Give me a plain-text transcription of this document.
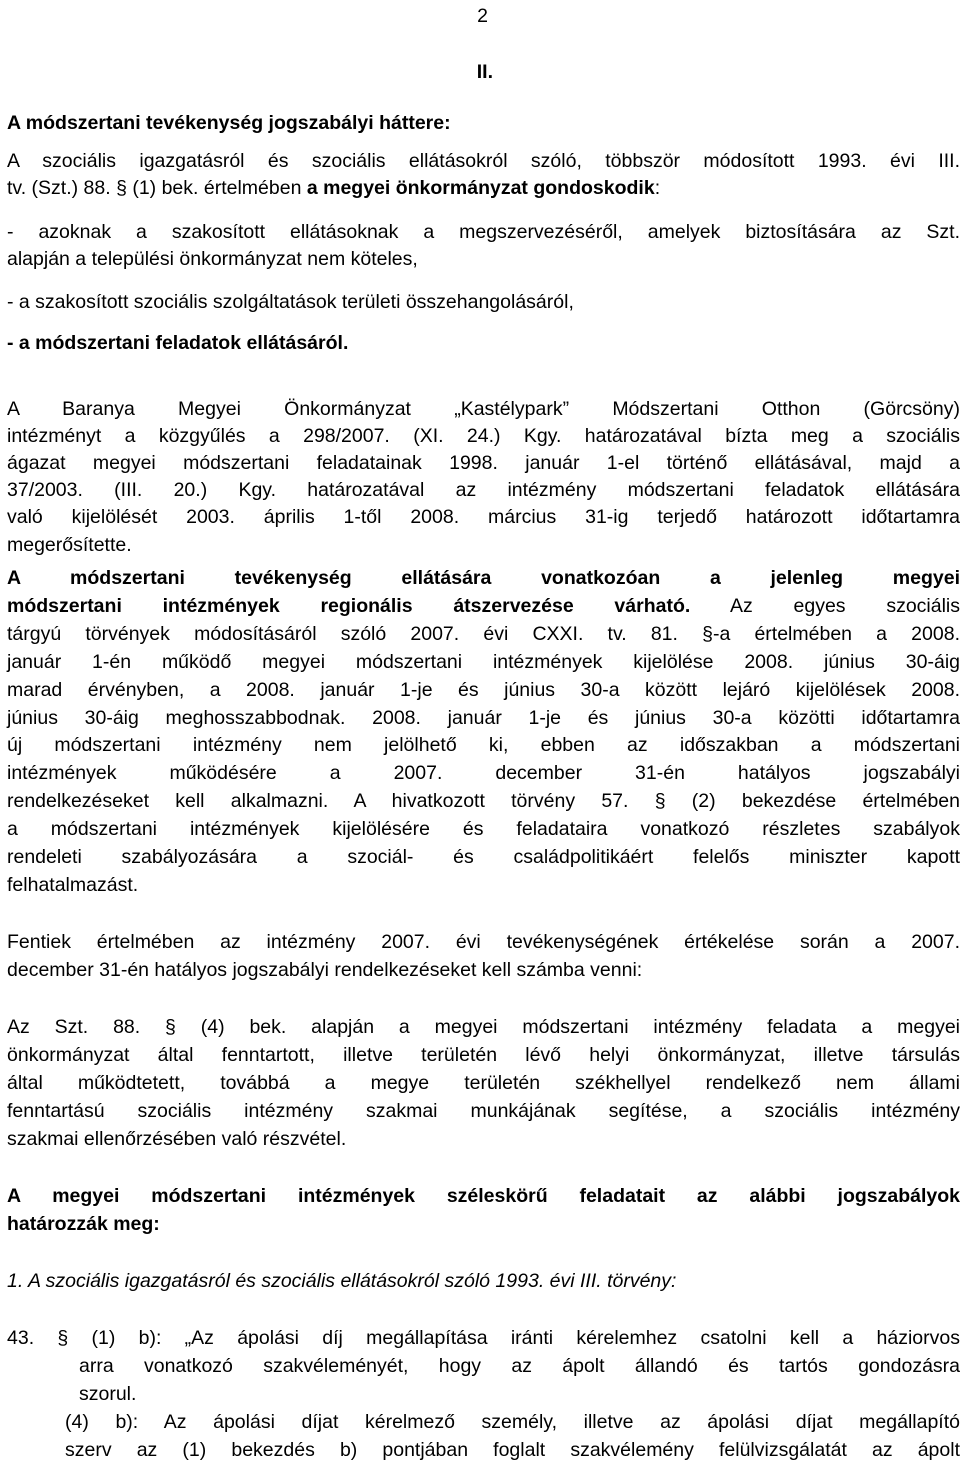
2
II.
A módszertani tevékenység jogszabályi háttere:
A szociális igazgatásról és szociális ellátásokról szóló, többször módosított 1993. évi III.
tv. (Szt.) 88. § (1) bek. értelmében a megyei önkormányzat gondoskodik:
- azoknak a szakosított ellátásoknak a megszervezéséről, amelyek biztosítására az Szt.
alapján a települési önkormányzat nem köteles,
- a szakosított szociális szolgáltatások területi összehangolásáról,
- a módszertani feladatok ellátásáról.
A Baranya Megyei Önkormányzat „Kastélypark” Módszertani Otthon (Görcsöny)
intézményt a közgyűlés a 298/2007. (XI. 24.) Kgy. határozatával bízta meg a szociális
ágazat megyei módszertani feladatainak 1998. január 1-el történő ellátásával, majd a
37/2003. (III. 20.) Kgy. határozatával az intézmény módszertani feladatok ellátására
való kijelölését 2003. április 1-től 2008. március 31-ig terjedő határozott időtartamra
megerősítette.
A módszertani tevékenység ellátására vonatkozóan a jelenleg megyei
módszertani intézmények regionális átszervezése várható. Az egyes szociális
tárgyú törvények módosításáról szóló 2007. évi CXXI. tv. 81. §-a értelmében a 2008.
január 1-én működő megyei módszertani intézmények kijelölése 2008. június 30-áig
marad érvényben, a 2008. január 1-je és június 30-a között lejáró kijelölések 2008.
június 30-áig meghosszabbodnak. 2008. január 1-je és június 30-a közötti időtartamra
új módszertani intézmény nem jelölhető ki, ebben az időszakban a módszertani
intézmények működésére a 2007. december 31-én hatályos jogszabályi
rendelkezéseket kell alkalmazni. A hivatkozott törvény 57. § (2) bekezdése értelmében
a módszertani intézmények kijelölésére és feladataira vonatkozó részletes szabályok
rendeleti szabályozására a szociál- és családpolitikáért felelős miniszter kapott
felhatalmazást.
Fentiek értelmében az intézmény 2007. évi tevékenységének értékelése során a 2007.
december 31-én hatályos jogszabályi rendelkezéseket kell számba venni:
Az Szt. 88. § (4) bek. alapján a megyei módszertani intézmény feladata a megyei
önkormányzat által fenntartott, illetve területén lévő helyi önkormányzat, illetve társulás
által működtetett, továbbá a megye területén székhellyel rendelkező nem állami
fenntartású szociális intézmény szakmai munkájának segítése, a szociális intézmény
szakmai ellenőrzésében való részvétel.
A megyei módszertani intézmények széleskörű feladatait az alábbi jogszabályok
határozzák meg:
1. A szociális igazgatásról és szociális ellátásokról szóló 1993. évi III. törvény:
43. § (1) b): „Az ápolási díj megállapítása iránti kérelemhez csatolni kell a háziorvos
arra vonatkozó szakvéleményét, hogy az ápolt állandó és tartós gondozásra
szorul.
(4) b): Az ápolási díjat kérelmező személy, illetve az ápolási díjat megállapító
szerv az (1) bekezdés b) pontjában foglalt szakvélemény felülvizsgálatát az ápolt
